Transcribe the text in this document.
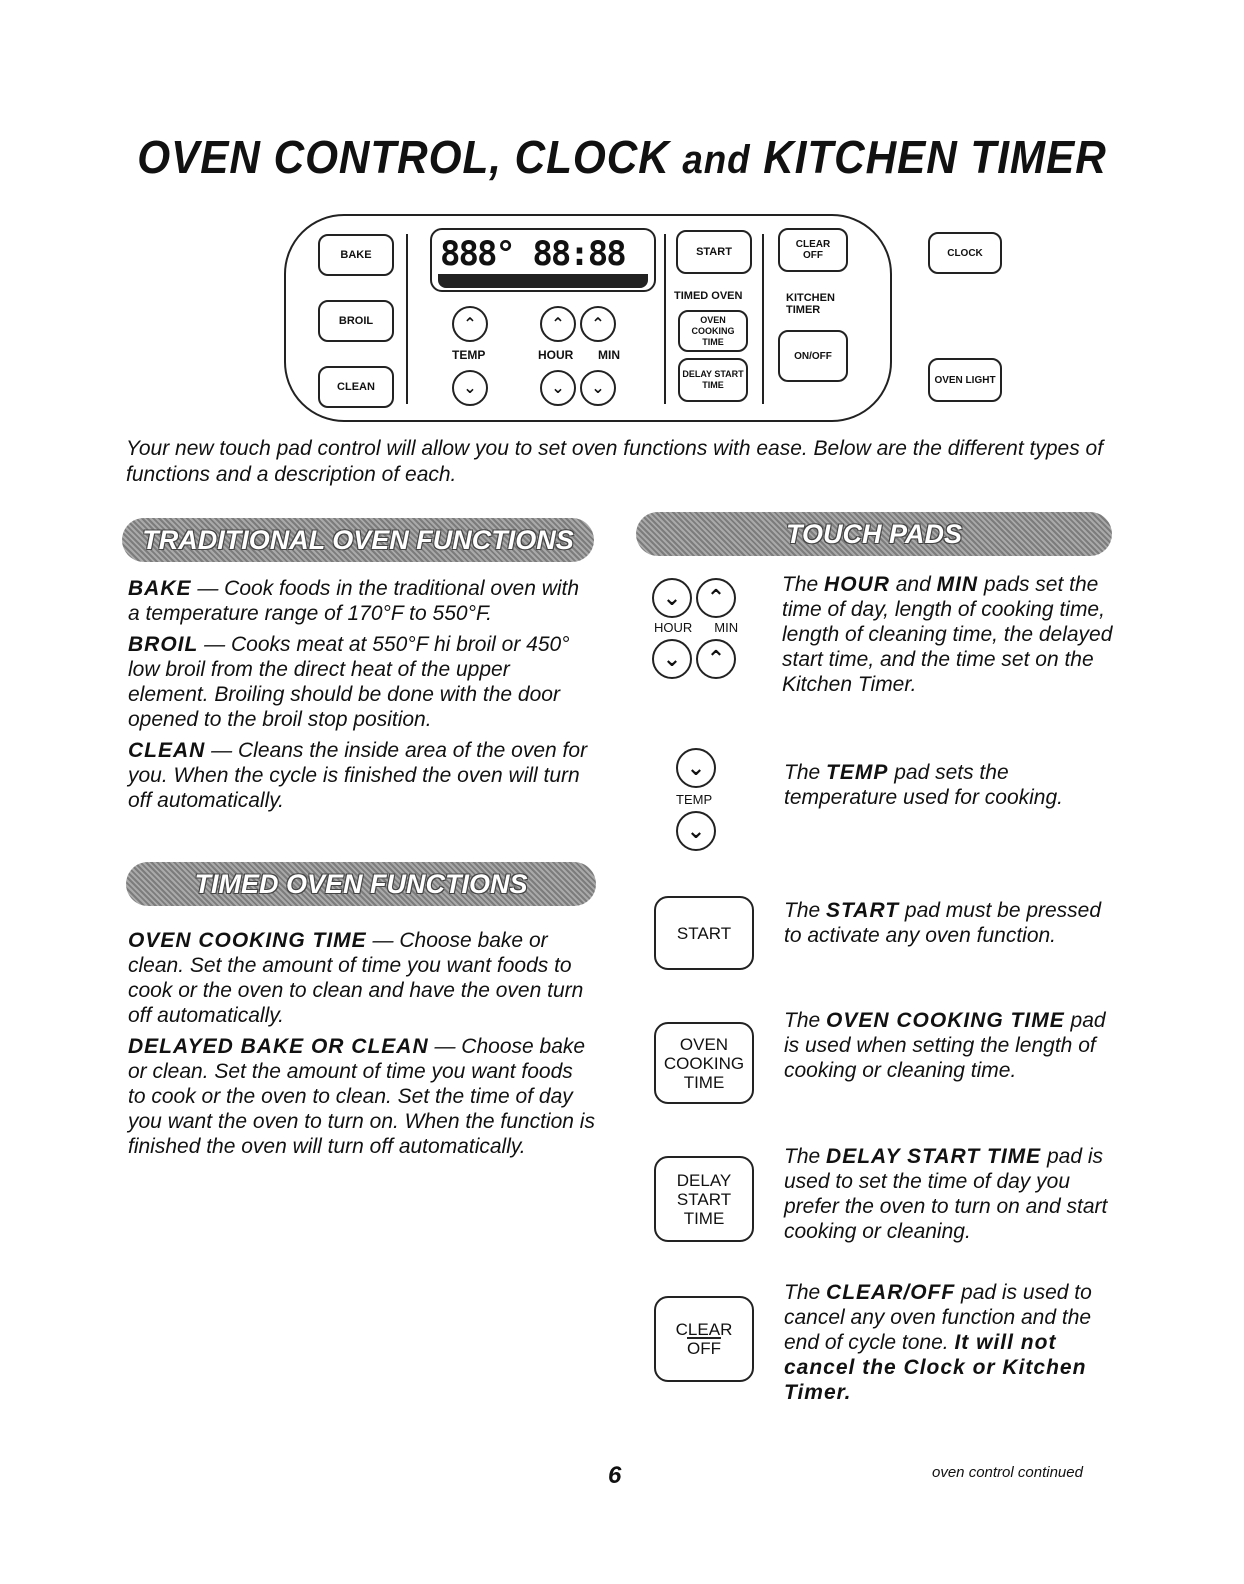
OVEN CONTROL, CLOCK and KITCHEN TIMER
BAKE
BROIL
CLEAN
888° 88:88
⌃
⌄
⌃	⌃
⌄	⌄
TEMP	HOUR MIN
START
TIMED OVEN
OVEN COOKING TIME
DELAY START TIME
CLEAR
OFF
KITCHEN TIMER
ON/OFF
CLOCK
OVEN LIGHT
Your new touch pad control will allow you to set oven functions with ease. Below are the different types of functions and a description of each.
TRADITIONAL OVEN FUNCTIONS	TOUCH PADS

BAKE — Cook foods in the traditional oven with a temperature range of 170°F to 550°F.

BROIL — Cooks meat at 550°F hi broil or 450° low broil from the direct heat of the upper element. Broiling should be done with the door opened to the broil stop position.

CLEAN — Cleans the inside area of the oven for you. When the cycle is finished the oven will turn off automatically.

TIMED OVEN FUNCTIONS

OVEN COOKING TIME — Choose bake or clean. Set the amount of time you want foods to cook or the oven to clean and have the oven turn off automatically.

DELAYED BAKE OR CLEAN — Choose bake or clean. Set the amount of time you want foods to cook or the oven to clean. Set the time of day you want the oven to turn on. When the function is finished the oven will turn off automatically.

⌄ ⌃
HOUR MIN
⌄ ⌃
The HOUR and MIN pads set the time of day, length of cooking time, length of cleaning time, the delayed start time, and the time set on the Kitchen Timer.
⌄
TEMP
⌄
The TEMP pad sets the temperature used for cooking.
START
The START pad must be pressed to activate any oven function.
OVEN COOKING TIME
The OVEN COOKING TIME pad is used when setting the length of cooking or cleaning time.
DELAY START TIME
The DELAY START TIME pad is used to set the time of day you prefer the oven to turn on and start cooking or cleaning.
CLEAR
OFF
The CLEAR/OFF pad is used to cancel any oven function and the end of cycle tone. It will not cancel the Clock or Kitchen Timer.
6	oven control continued
